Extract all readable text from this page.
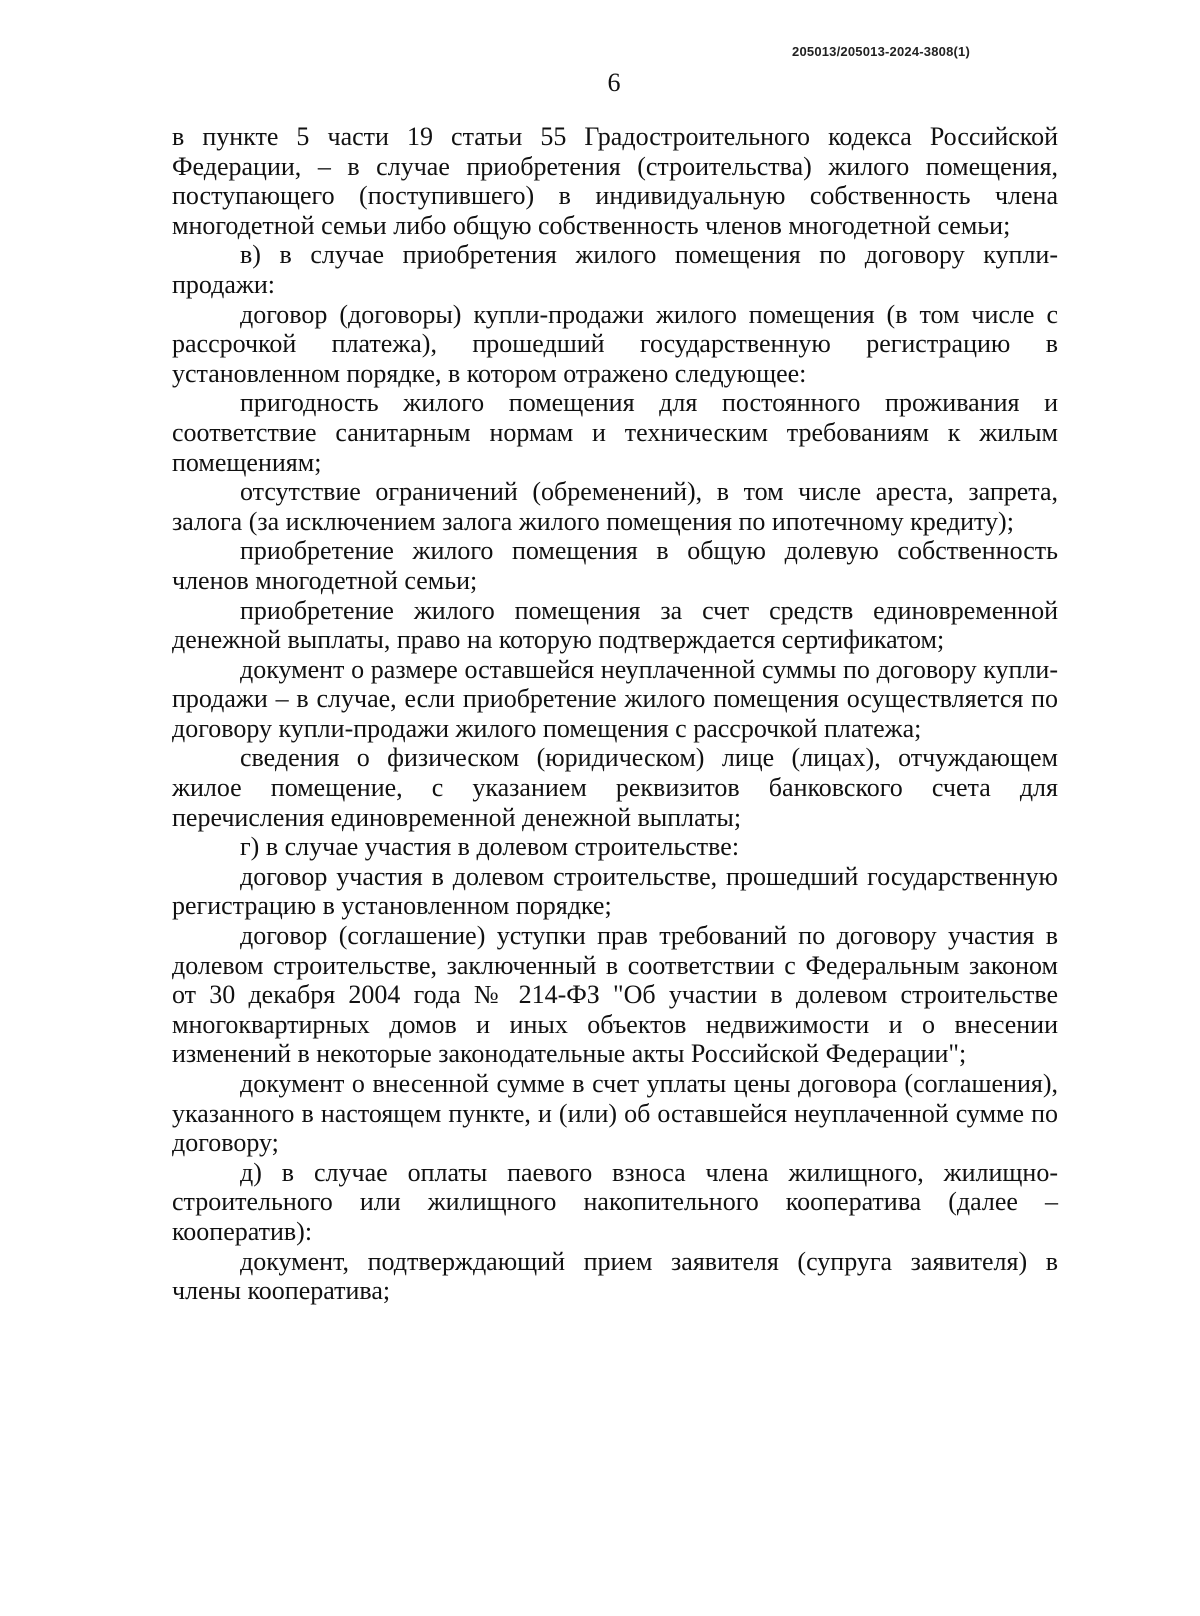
205013/205013-2024-3808(1)
6

в пункте 5 части 19 статьи 55 Градостроительного кодекса Российской Федерации, – в случае приобретения (строительства) жилого помещения, поступающего (поступившего) в индивидуальную собственность члена многодетной семьи либо общую собственность членов многодетной семьи;

в) в случае приобретения жилого помещения по договору купли-продажи:

договор (договоры) купли-продажи жилого помещения (в том числе с рассрочкой платежа), прошедший государственную регистрацию в установленном порядке, в котором отражено следующее:

пригодность жилого помещения для постоянного проживания и соответствие санитарным нормам и техническим требованиям к жилым помещениям;

отсутствие ограничений (обременений), в том числе ареста, запрета, залога (за исключением залога жилого помещения по ипотечному кредиту);

приобретение жилого помещения в общую долевую собственность членов многодетной семьи;

приобретение жилого помещения за счет средств единовременной денежной выплаты, право на которую подтверждается сертификатом;

документ о размере оставшейся неуплаченной суммы по договору купли-продажи – в случае, если приобретение жилого помещения осуществляется по договору купли-продажи жилого помещения с рассрочкой платежа;

сведения о физическом (юридическом) лице (лицах), отчуждающем жилое помещение, с указанием реквизитов банковского счета для перечисления единовременной денежной выплаты;

г) в случае участия в долевом строительстве:

договор участия в долевом строительстве, прошедший государственную регистрацию в установленном порядке;

договор (соглашение) уступки прав требований по договору участия в долевом строительстве, заключенный в соответствии с Федеральным законом от 30 декабря 2004 года № 214-ФЗ "Об участии в долевом строительстве многоквартирных домов и иных объектов недвижимости и о внесении изменений в некоторые законодательные акты Российской Федерации";

документ о внесенной сумме в счет уплаты цены договора (соглашения), указанного в настоящем пункте, и (или) об оставшейся неуплаченной сумме по договору;

д) в случае оплаты паевого взноса члена жилищного, жилищно-строительного или жилищного накопительного кооператива (далее – кооператив):

документ, подтверждающий прием заявителя (супруга заявителя) в члены кооператива;
